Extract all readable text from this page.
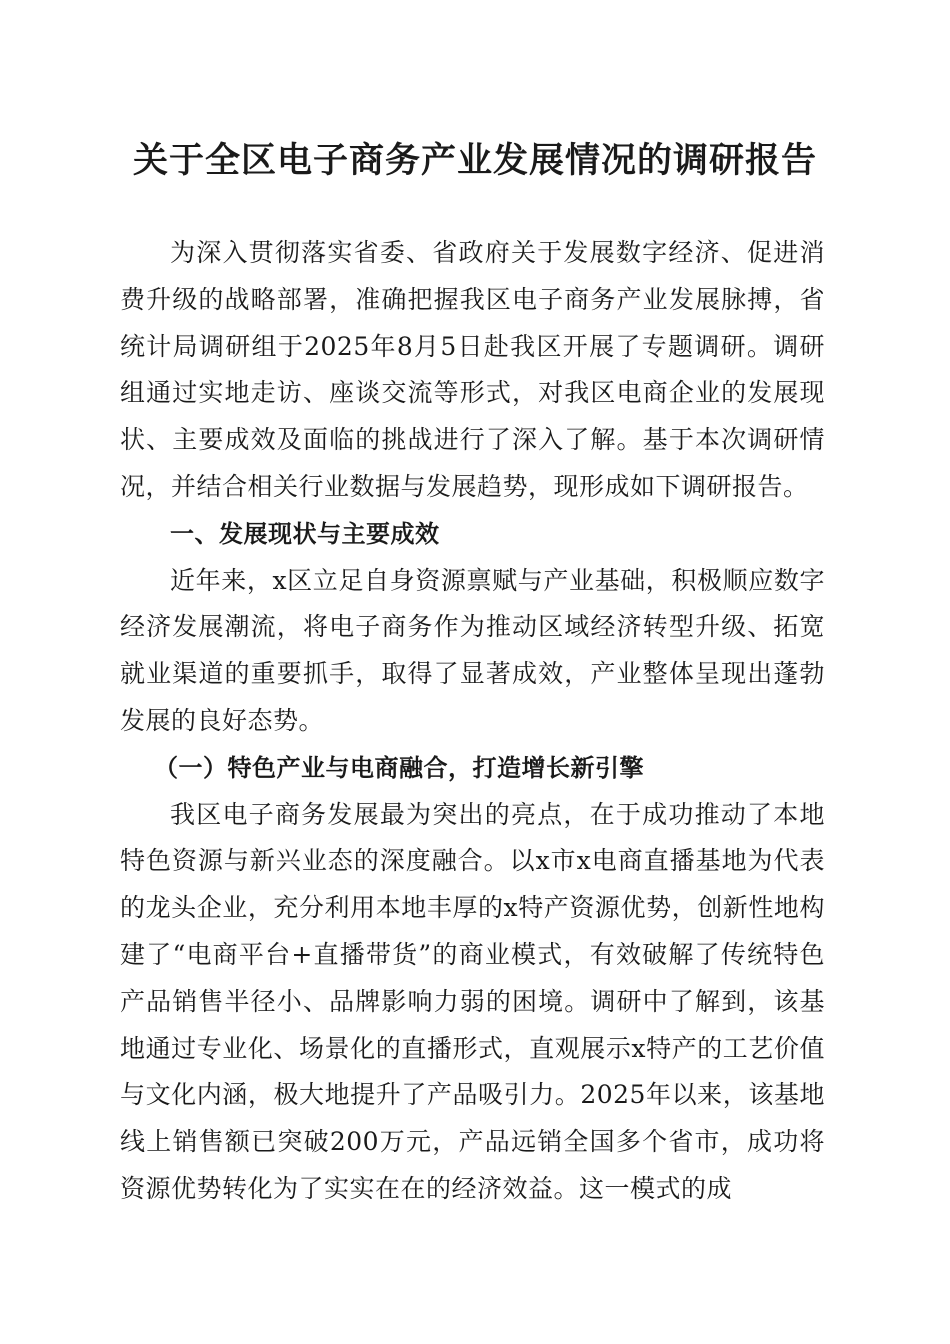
关于全区电子商务产业发展情况的调研报告

为深入贯彻落实省委、省政府关于发展数字经济、促进消费升级的战略部署，准确把握我区电子商务产业发展脉搏，省统计局调研组于2025年8月5日赴我区开展了专题调研。调研组通过实地走访、座谈交流等形式，对我区电商企业的发展现状、主要成效及面临的挑战进行了深入了解。基于本次调研情况，并结合相关行业数据与发展趋势，现形成如下调研报告。

一、发展现状与主要成效

近年来，x区立足自身资源禀赋与产业基础，积极顺应数字经济发展潮流，将电子商务作为推动区域经济转型升级、拓宽就业渠道的重要抓手，取得了显著成效，产业整体呈现出蓬勃发展的良好态势。

（一）特色产业与电商融合，打造增长新引擎

我区电子商务发展最为突出的亮点，在于成功推动了本地特色资源与新兴业态的深度融合。以x市x电商直播基地为代表的龙头企业，充分利用本地丰厚的x特产资源优势，创新性地构建了“电商平台+直播带货”的商业模式，有效破解了传统特色产品销售半径小、品牌影响力弱的困境。调研中了解到，该基地通过专业化、场景化的直播形式，直观展示x特产的工艺价值与文化内涵，极大地提升了产品吸引力。2025年以来，该基地线上销售额已突破200万元，产品远销全国多个省市，成功将资源优势转化为了实实在在的经济效益。这一模式的成
